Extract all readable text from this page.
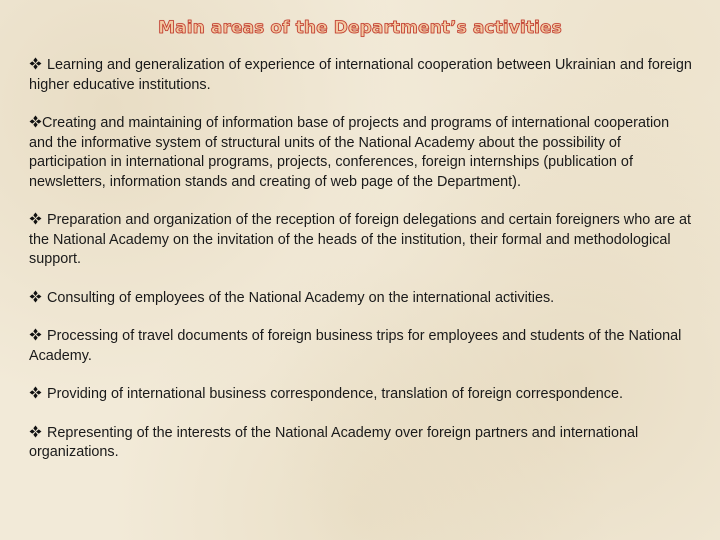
Main areas of the Department’s activities
Learning and generalization of experience of international cooperation between Ukrainian and foreign higher educative institutions.
Creating and maintaining of information base of projects and programs of international cooperation and the informative system of structural units of the National Academy about the possibility of participation in international programs, projects, conferences, foreign internships (publication of newsletters, information stands and creating of web page of the Department).
Preparation and organization of the reception of foreign delegations and certain foreigners who are at the National Academy on the invitation of the heads of the institution, their formal and methodological support.
Consulting of employees of the National Academy on the international activities.
Processing of travel documents of foreign business trips for employees and students of the National Academy.
Providing of international business correspondence, translation of foreign correspondence.
Representing of the interests of the National Academy over foreign partners and international organizations.
